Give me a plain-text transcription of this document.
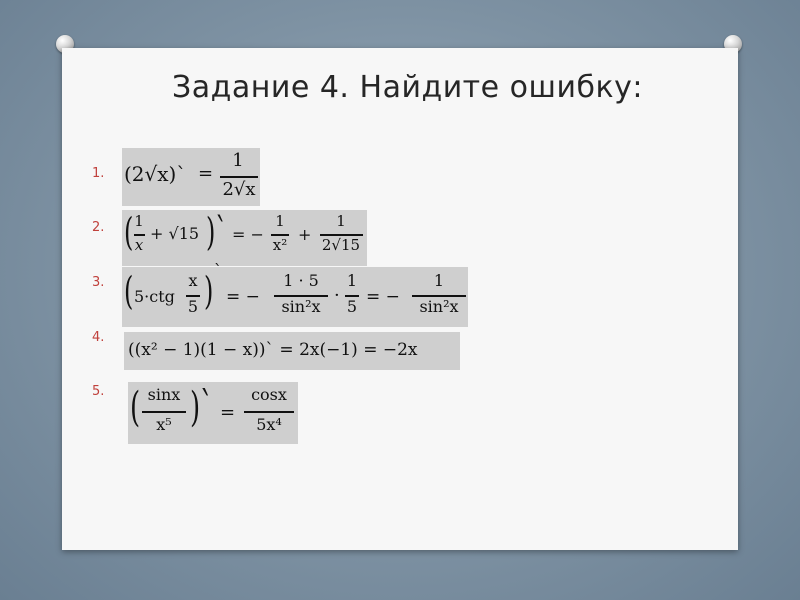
Задание 4. Найдите ошибку:
1. (2√x)` =
1
2√x
2. ( 1
x
+ √15 )` = −
1
x²
+
1
2√15
3. ( 5·ctg
x
5 ) `
= −
1 · 5
sin²x
·
1
5 = −
1
sin²x
4.
((x² − 1)(1 − x))` = 2x(−1) = −2x
5. ( sinx
x⁵ )` =
cosx
5x⁴
